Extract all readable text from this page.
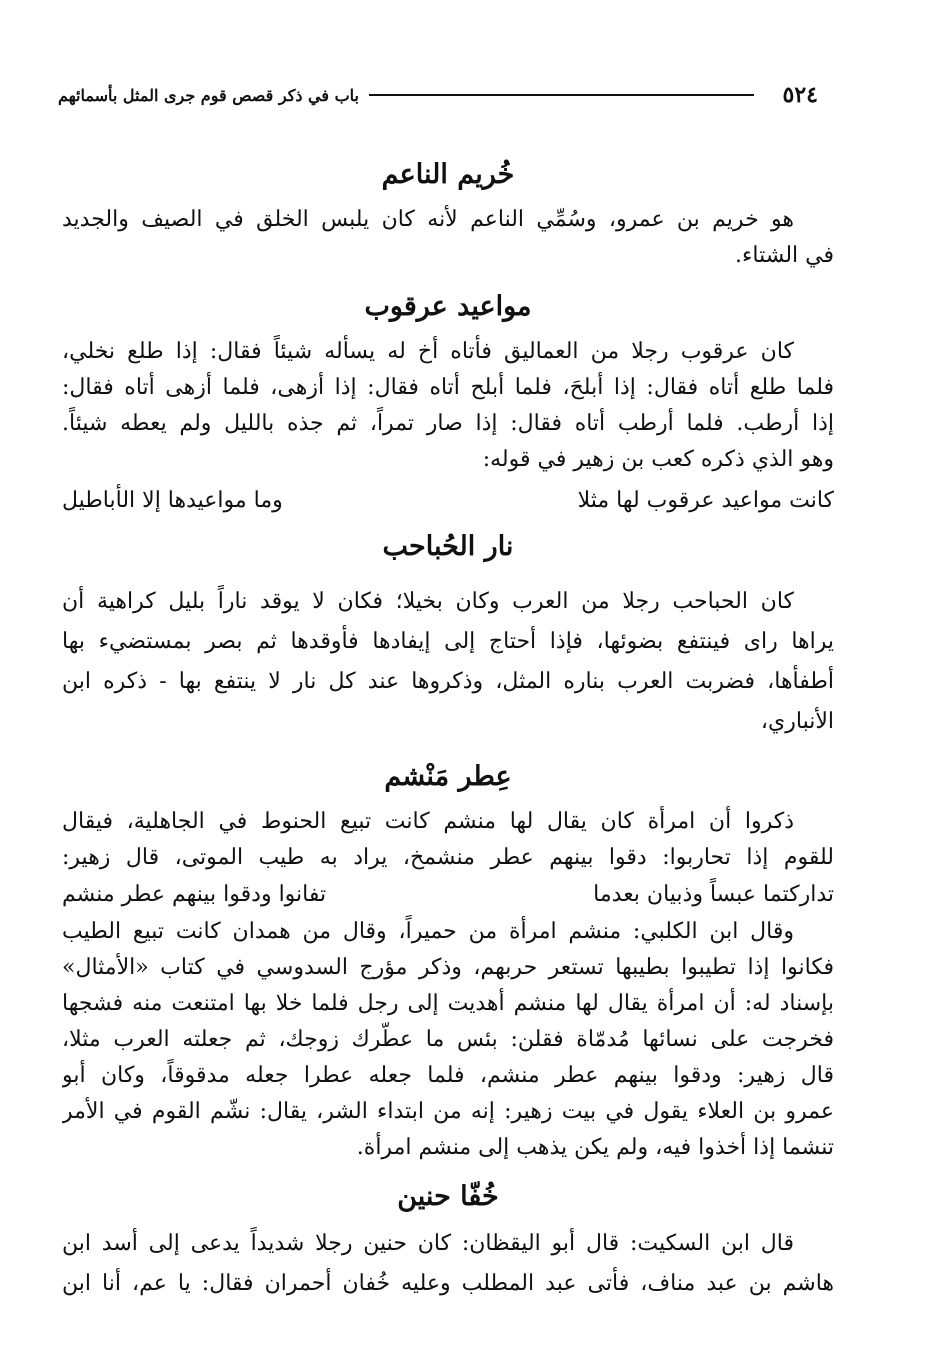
٥٢٤
باب في ذكر قصص قوم جرى المثل بأسمائهم
خُريم الناعم
هو خريم بن عمرو، وسُمِّي الناعم لأنه كان يلبس الخلق في الصيف والجديد
في الشتاء.
مواعيد عرقوب
كان عرقوب رجلا من العماليق فأتاه أخ له يسأله شيئاً فقال: إذا طلع نخلي،
فلما طلع أتاه فقال: إذا أبلحَ، فلما أبلح أتاه فقال: إذا أزهى، فلما أزهى أتاه فقال:
إذا أرطب. فلما أرطب أتاه فقال: إذا صار تمراً، ثم جذه بالليل ولم يعطه شيئاً.
وهو الذي ذكره كعب بن زهير في قوله:
كانت مواعيد عرقوب لها مثلا
وما مواعيدها إلا الأباطيل
نار الحُباحب
كان الحباحب رجلا من العرب وكان بخيلا؛ فكان لا يوقد ناراً بليل كراهية أن
يراها راى فينتفع بضوئها، فإذا أحتاج إلى إيفادها فأوقدها ثم بصر بمستضيء بها
أطفأها، فضربت العرب بناره المثل، وذكروها عند كل نار لا ينتفع بها - ذكره ابن
الأنباري،
عِطر مَنْشم
ذكروا أن امرأة كان يقال لها منشم كانت تبيع الحنوط في الجاهلية، فيقال
للقوم إذا تحاربوا: دقوا بينهم عطر منشمخ، يراد به طيب الموتى، قال زهير:
تداركتما عبساً وذبيان بعدما
تفانوا ودقوا بينهم عطر منشم
وقال ابن الكلبي: منشم امرأة من حميراً، وقال من همدان كانت تبيع الطيب
فكانوا إذا تطيبوا بطيبها تستعر حربهم، وذكر مؤرج السدوسي في كتاب «الأمثال»
بإسناد له: أن امرأة يقال لها منشم أهديت إلى رجل فلما خلا بها امتنعت منه فشجها
فخرجت على نسائها مُدمّاة فقلن: بئس ما عطّرك زوجك، ثم جعلته العرب مثلا،
قال زهير: ودقوا بينهم عطر منشم، فلما جعله عطرا جعله مدقوقاً، وكان أبو
عمرو بن العلاء يقول في بيت زهير: إنه من ابتداء الشر، يقال: نشّم القوم في الأمر
تنشما إذا أخذوا فيه، ولم يكن يذهب إلى منشم امرأة.
خُفّا حنين
قال ابن السكيت: قال أبو اليقظان: كان حنين رجلا شديداً يدعى إلى أسد ابن
هاشم بن عبد مناف، فأتى عبد المطلب وعليه خُفان أحمران فقال: يا عم، أنا ابن
